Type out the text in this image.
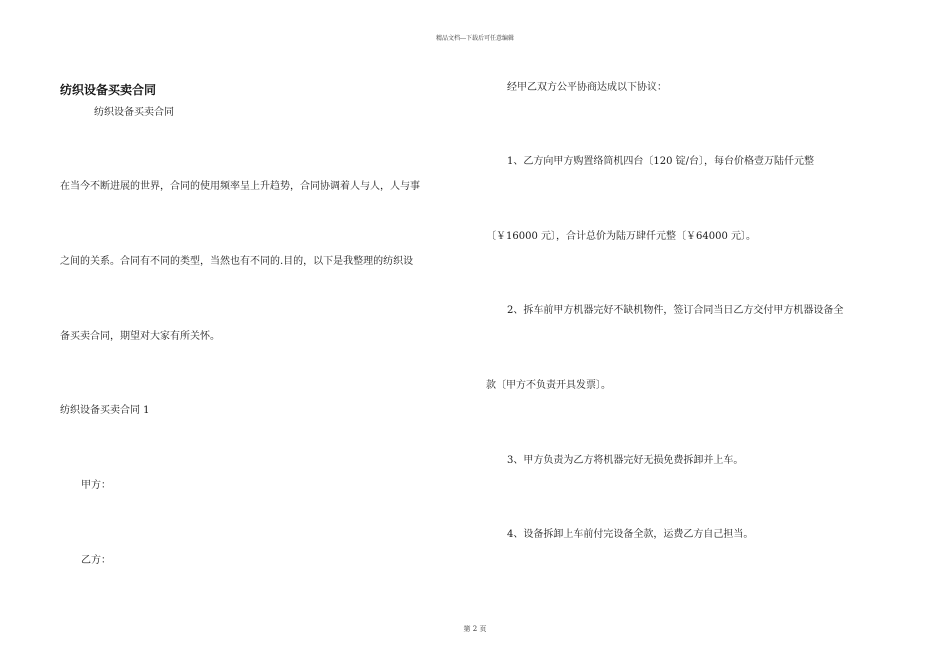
精品文档---下载后可任意编辑
纺织设备买卖合同
纺织设备买卖合同
在当今不断进展的世界，合同的使用频率呈上升趋势，合同协调着人与人，人与事
之间的关系。合同有不同的类型，当然也有不同的.目的，以下是我整理的纺织设
备买卖合同，期望对大家有所关怀。
纺织设备买卖合同 1
甲方：
乙方：
经甲乙双方公平协商达成以下协议：
1、乙方向甲方购置络筒机四台〔120 锭/台〕，每台价格壹万陆仟元整
〔￥16000 元〕，合计总价为陆万肆仟元整〔￥64000 元〕。
2、拆车前甲方机器完好不缺机物件，签订合同当日乙方交付甲方机器设备全
款〔甲方不负责开具发票〕。
3、甲方负责为乙方将机器完好无损免费拆卸并上车。
4、设备拆卸上车前付完设备全款，运费乙方自己担当。
第 2 页
